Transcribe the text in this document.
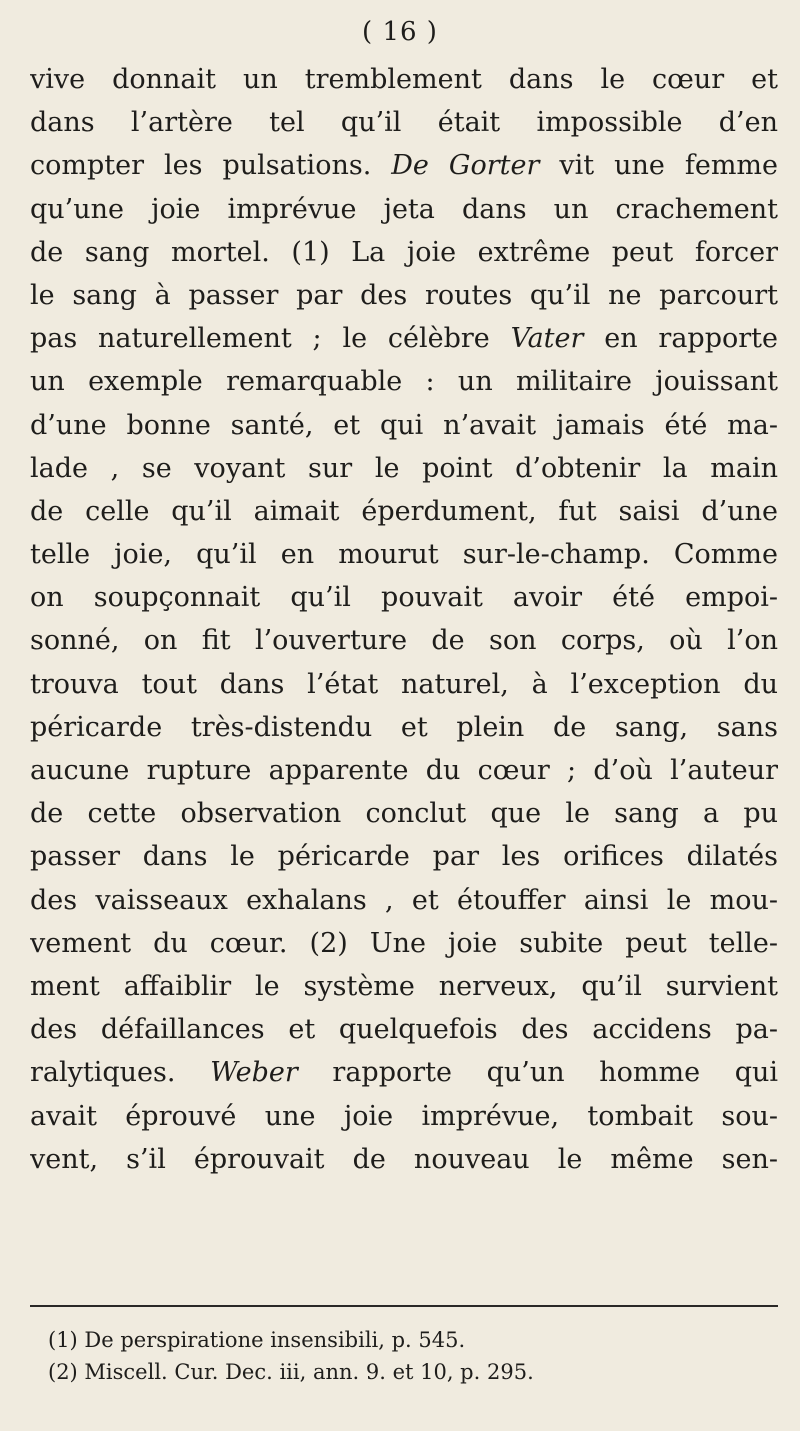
( 16 )
vive donnait un tremblement dans le cœur et
dans l’artère tel qu’il était impossible d’en
compter les pulsations. De Gorter vit une femme
qu’une joie imprévue jeta dans un crachement
de sang mortel. (1) La joie extrême peut forcer
le sang à passer par des routes qu’il ne parcourt
pas naturellement ; le célèbre Vater en rapporte
un exemple remarquable : un militaire jouissant
d’une bonne santé, et qui n’avait jamais été ma-
lade , se voyant sur le point d’obtenir la main
de celle qu’il aimait éperdument, fut saisi d’une
telle joie, qu’il en mourut sur-le-champ. Comme
on soupçonnait qu’il pouvait avoir été empoi-
sonné, on fit l’ouverture de son corps, où l’on
trouva tout dans l’état naturel, à l’exception du
péricarde très-distendu et plein de sang, sans
aucune rupture apparente du cœur ; d’où l’auteur
de cette observation conclut que le sang a pu
passer dans le péricarde par les orifices dilatés
des vaisseaux exhalans , et étouffer ainsi le mou-
vement du cœur. (2) Une joie subite peut telle-
ment affaiblir le système nerveux, qu’il survient
des défaillances et quelquefois des accidens pa-
ralytiques. Weber rapporte qu’un homme qui
avait éprouvé une joie imprévue, tombait sou-
vent, s’il éprouvait de nouveau le même sen-
(1) De perspiratione insensibili, p. 545.
(2) Miscell. Cur. Dec. iii, ann. 9. et 10, p. 295.
